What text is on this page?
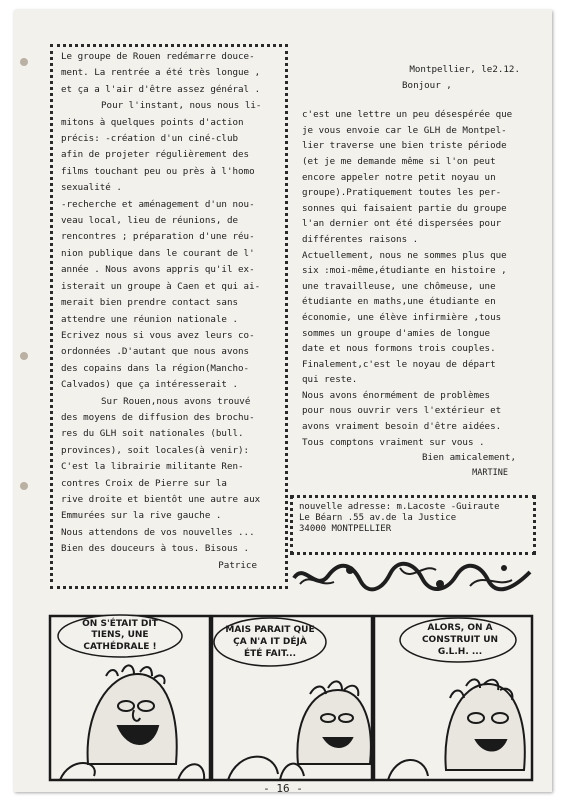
Le groupe de Rouen redémarre douce-

ment. La rentrée a été très longue ,

et ça a l'air d'être assez général .

Pour l'instant, nous nous li-

mitons à quelques points d'action

précis: -création d'un ciné-club

afin de projeter régulièrement des

films touchant peu ou près à l'homo

sexualité .

-recherche et aménagement d'un nou-

veau local, lieu de réunions, de

rencontres ; préparation d'une réu-

nion publique dans le courant de l'

année . Nous avons appris qu'il ex-

isterait un groupe à Caen et qui ai-

merait bien prendre contact sans

attendre une réunion nationale .

Ecrivez nous si vous avez leurs co-

ordonnées .D'autant que nous avons

des copains dans la région(Mancho-

Calvados) que ça intéresserait .

Sur Rouen,nous avons trouvé

des moyens de diffusion des brochu-

res du GLH soit nationales (bull.

provinces), soit locales(à venir):

C'est la librairie militante Ren-

contres Croix de Pierre sur la

rive droite et bientôt une autre aux

Emmurées sur la rive gauche .

Nous attendons de vos nouvelles ...

Bien des douceurs à tous. Bisous .

Patrice

Montpellier, le2.12.

Bonjour ,

c'est une lettre un peu désespérée que

je vous envoie car le GLH de Montpel-

lier traverse une bien triste période

(et je me demande même si l'on peut

encore appeler notre petit noyau un

groupe).Pratiquement toutes les per-

sonnes qui faisaient partie du groupe

l'an dernier ont été dispersées pour

différentes raisons .

Actuellement, nous ne sommes plus que

six :moi-même,étudiante en histoire ,

une travailleuse, une chômeuse, une

étudiante en maths,une étudiante en

économie, une élève infirmière ,tous

sommes un groupe d'amies de longue

date et nous formons trois couples.

Finalement,c'est le noyau de départ

qui reste.

Nous avons énormément de problèmes

pour nous ouvrir vers l'extérieur et

avons vraiment besoin d'être aidées.

Tous comptons vraiment sur vous .

Bien amicalement,

MARTINE

nouvelle adresse: m.Lacoste -Guiraute

Le Béarn .55 av.de la Justice

34000 MONTPELLIER

ON S'ÉTAIT DIT
TIENS, UNE
CATHÉDRALE !
MAIS PARAIT QUE
ÇA N'A IT DÉJÀ
ÉTÉ FAIT...
ALORS, ON A
CONSTRUIT UN
G.L.H. ...
- 16 -
